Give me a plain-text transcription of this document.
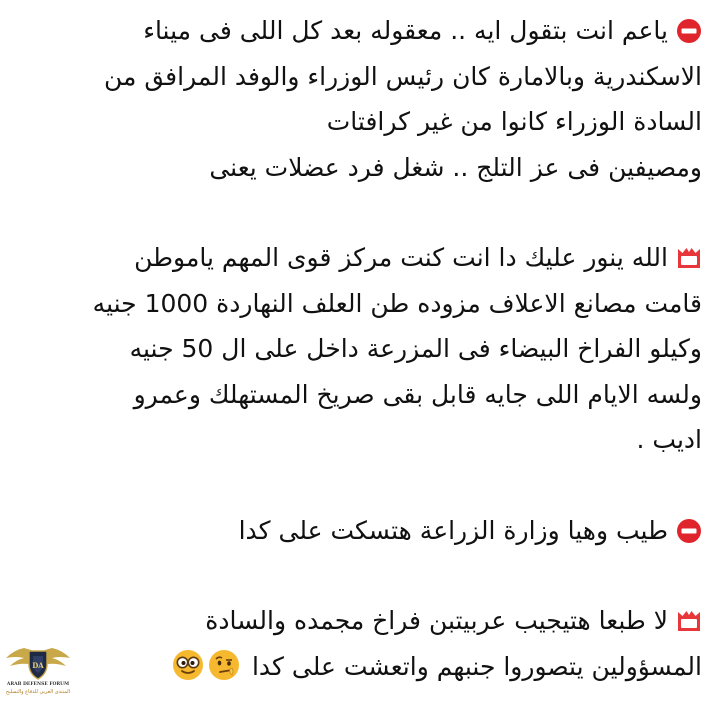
ياعم انت بتقول ايه .. معقوله بعد كل اللى فى ميناء
الاسكندرية وبالامارة كان رئيس الوزراء والوفد المرافق من
السادة الوزراء كانوا من غير كرافتات
ومصيفين فى عز التلج .. شغل فرد عضلات يعنى

الله ينور عليك دا انت كنت مركز قوى المهم ياموطن
قامت مصانع الاعلاف مزوده طن العلف النهاردة 1000 جنيه
وكيلو الفراخ البيضاء فى المزرعة داخل على ال 50 جنيه
ولسه الايام اللى جايه قابل بقى صريخ المستهلك وعمرو
اديب .

طيب وهيا وزارة الزراعة هتسكت على كدا

لا طبعا هتيجيب عربيتبن فراخ مجمده والسادة
المسؤولين يتصوروا جنبهم واتعشت على كدا

DA
ARAB DEFENSE FORUM
المنتدى العربي للدفاع والتسليح
